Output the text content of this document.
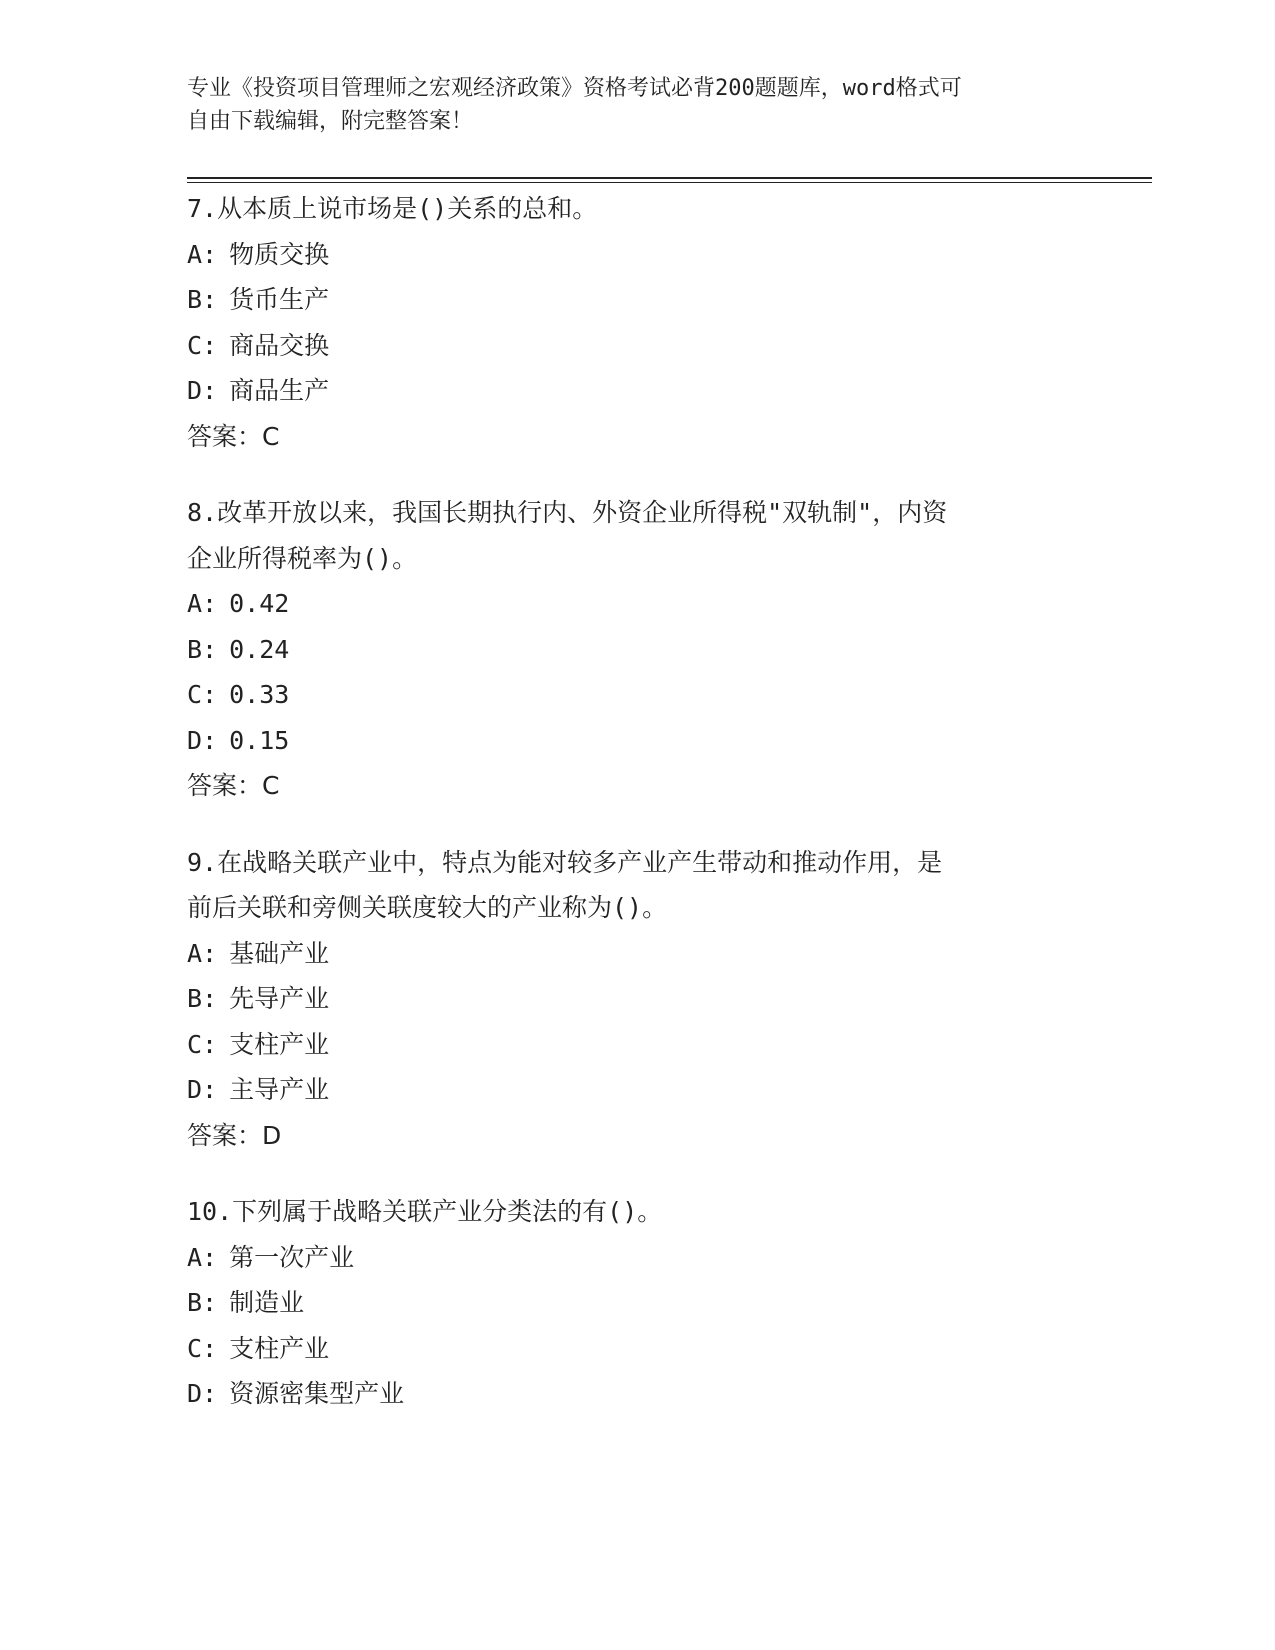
专业《投资项目管理师之宏观经济政策》资格考试必背200题题库，word格式可
自由下载编辑，附完整答案！
7.从本质上说市场是()关系的总和。
A: 物质交换
B: 货币生产
C: 商品交换
D: 商品生产
答案：C
8.改革开放以来，我国长期执行内、外资企业所得税"双轨制"，内资
企业所得税率为()。
A: 0.42
B: 0.24
C: 0.33
D: 0.15
答案：C
9.在战略关联产业中，特点为能对较多产业产生带动和推动作用，是
前后关联和旁侧关联度较大的产业称为()。
A: 基础产业
B: 先导产业
C: 支柱产业
D: 主导产业
答案：D
10.下列属于战略关联产业分类法的有()。
A: 第一次产业
B: 制造业
C: 支柱产业
D: 资源密集型产业
